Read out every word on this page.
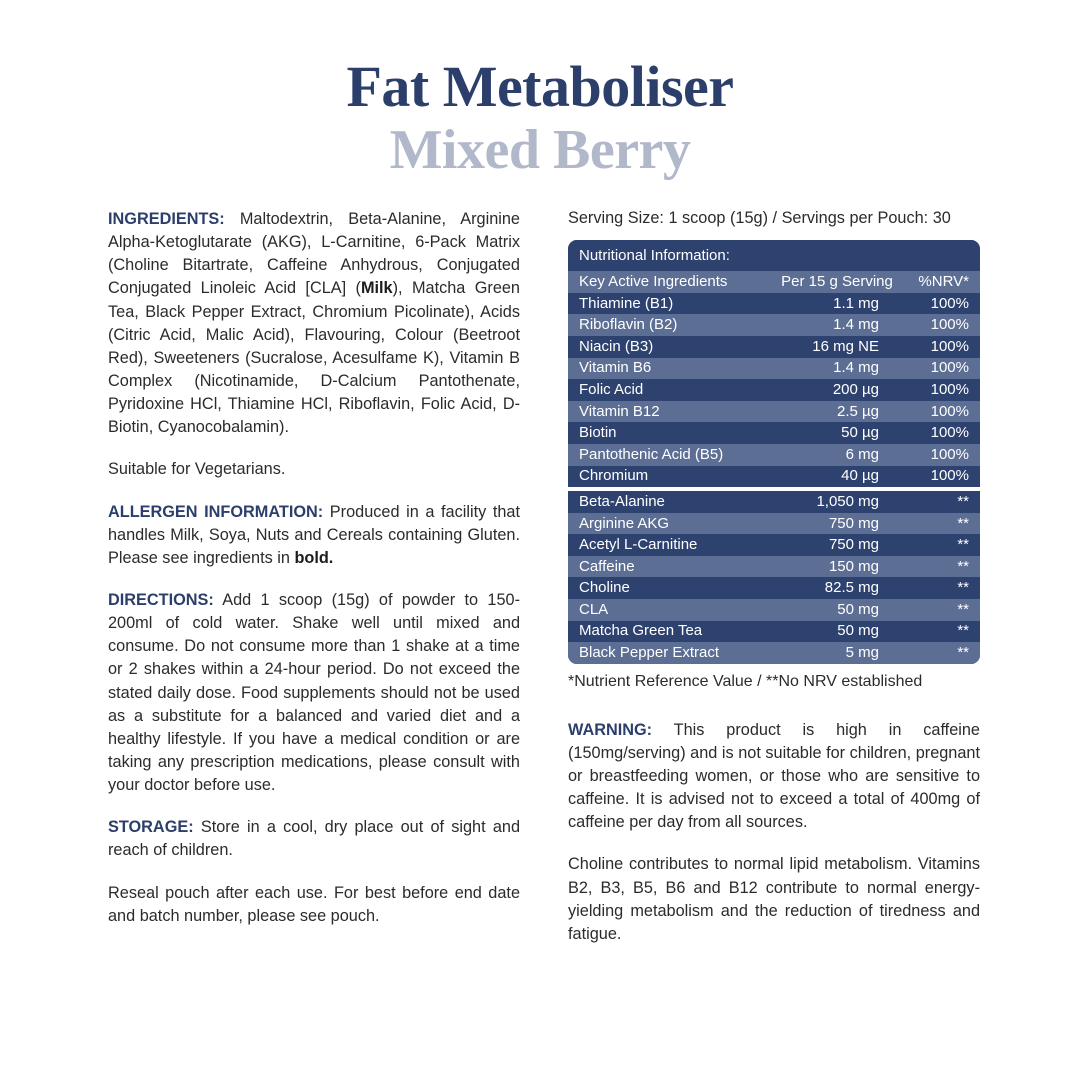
Fat Metaboliser
Mixed Berry

INGREDIENTS: Maltodextrin, Beta-Alanine, Arginine Alpha-Ketoglutarate (AKG), L-Carnitine, 6-Pack Matrix (Choline Bitartrate, Caffeine Anhydrous, Conjugated Conjugated Linoleic Acid [CLA] (Milk), Matcha Green Tea, Black Pepper Extract, Chromium Picolinate), Acids (Citric Acid, Malic Acid), Flavouring, Colour (Beetroot Red), Sweeteners (Sucralose, Acesulfame K), Vitamin B Complex (Nicotinamide, D-Calcium Pantothenate, Pyridoxine HCl, Thiamine HCl, Riboflavin, Folic Acid, D-Biotin, Cyanocobalamin).

Suitable for Vegetarians.

ALLERGEN INFORMATION: Produced in a facility that handles Milk, Soya, Nuts and Cereals containing Gluten. Please see ingredients in bold.

DIRECTIONS: Add 1 scoop (15g) of powder to 150-200ml of cold water. Shake well until mixed and consume. Do not consume more than 1 shake at a time or 2 shakes within a 24-hour period. Do not exceed the stated daily dose. Food supplements should not be used as a substitute for a balanced and varied diet and a healthy lifestyle. If you have a medical condition or are taking any prescription medications, please consult with your doctor before use.

STORAGE: Store in a cool, dry place out of sight and reach of children.

Reseal pouch after each use. For best before end date and batch number, please see pouch.

Serving Size: 1 scoop (15g) / Servings per Pouch: 30
Nutritional Information:
Key Active Ingredients	Per 15 g Serving	%NRV*
Thiamine (B1)	1.1 mg	100%
Riboflavin (B2)	1.4 mg	100%
Niacin (B3)	16 mg NE	100%
Vitamin B6	1.4 mg	100%
Folic Acid	200 µg	100%
Vitamin B12	2.5 µg	100%
Biotin	50 µg	100%
Pantothenic Acid (B5)	6 mg	100%
Chromium	40 µg	100%
Beta-Alanine	1,050 mg	**
Arginine AKG	750 mg	**
Acetyl L-Carnitine	750 mg	**
Caffeine	150 mg	**
Choline	82.5 mg	**
CLA	50 mg	**
Matcha Green Tea	50 mg	**
Black Pepper Extract	5 mg	**
*Nutrient Reference Value / **No NRV established

WARNING: This product is high in caffeine (150mg/serving) and is not suitable for children, pregnant or breastfeeding women, or those who are sensitive to caffeine. It is advised not to exceed a total of 400mg of caffeine per day from all sources.

Choline contributes to normal lipid metabolism. Vitamins B2, B3, B5, B6 and B12 contribute to normal energy-yielding metabolism and the reduction of tiredness and fatigue.
